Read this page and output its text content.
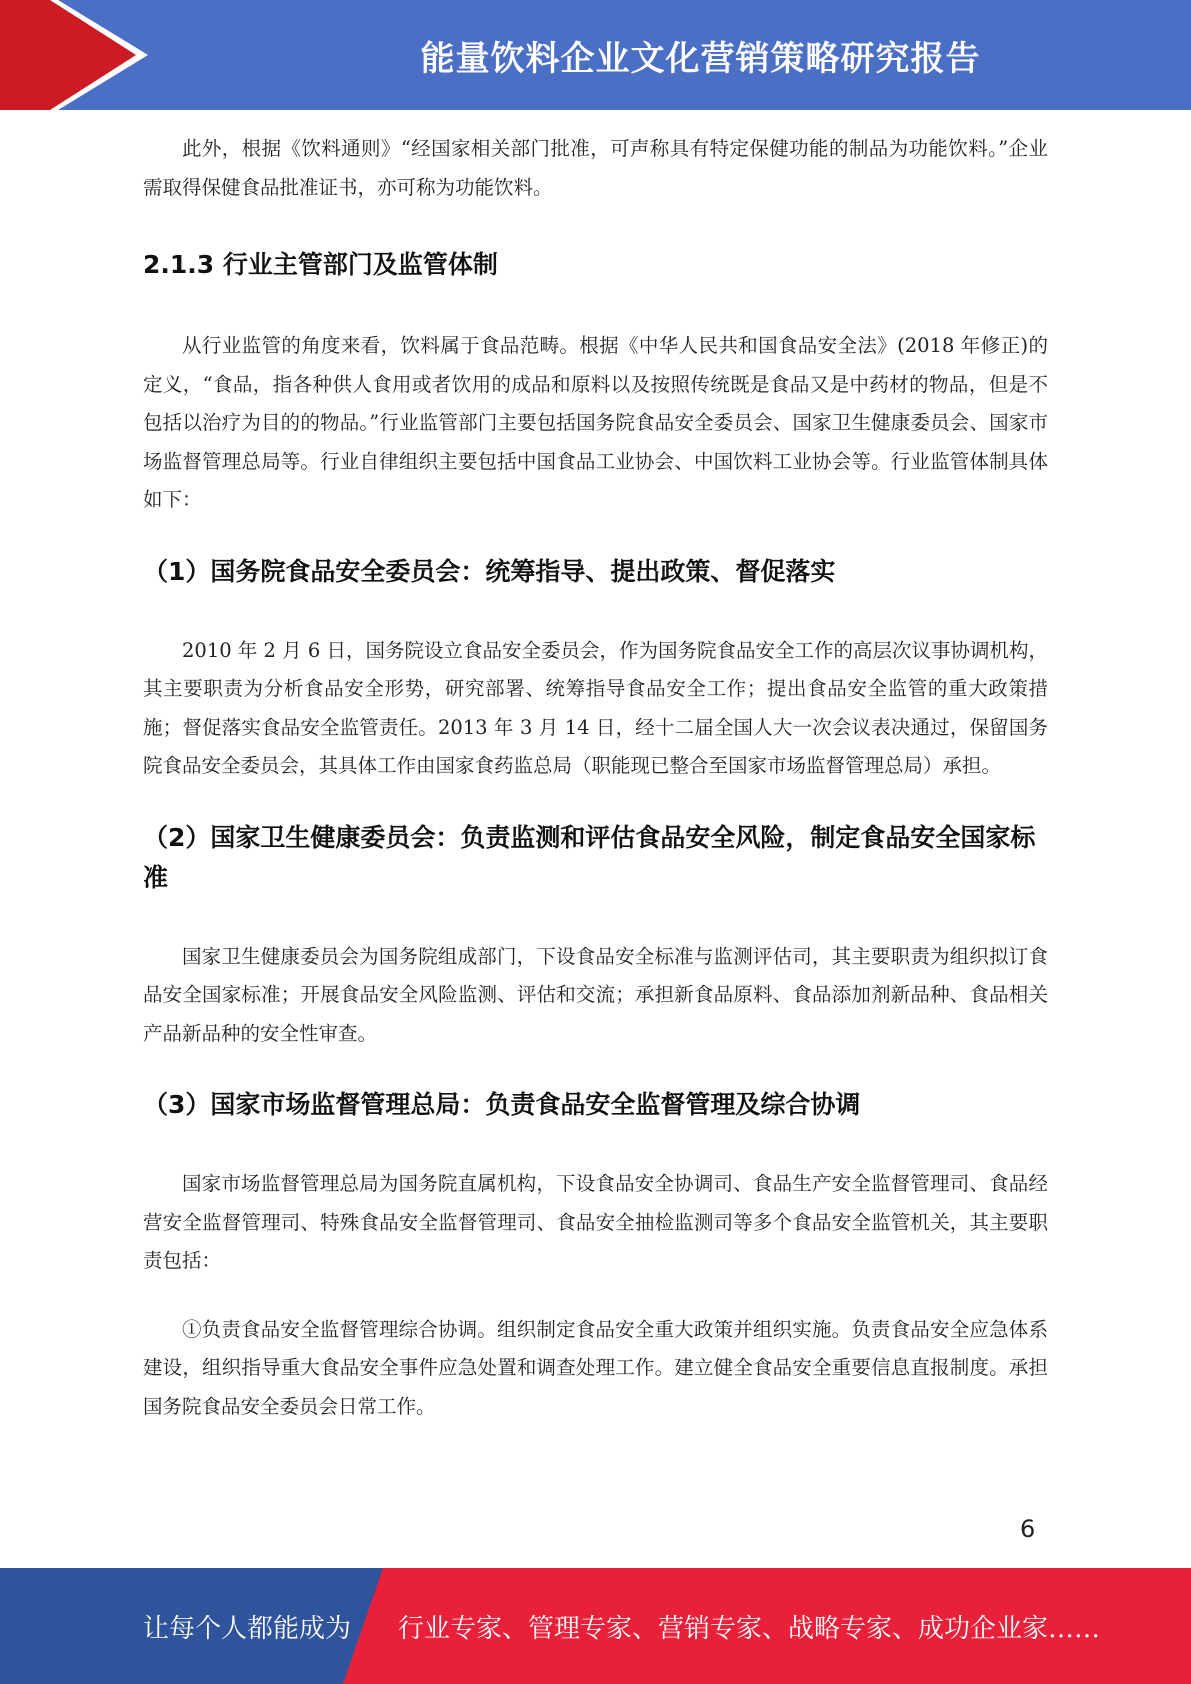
能量饮料企业文化营销策略研究报告

此外，根据《饮料通则》“经国家相关部门批准，可声称具有特定保健功能的制品为功能饮料。”企业需取得保健食品批准证书，亦可称为功能饮料。

2.1.3 行业主管部门及监管体制

从行业监管的角度来看，饮料属于食品范畴。根据《中华人民共和国食品安全法》(2018 年修正)的定义，“食品，指各种供人食用或者饮用的成品和原料以及按照传统既是食品又是中药材的物品，但是不包括以治疗为目的的物品。”行业监管部门主要包括国务院食品安全委员会、国家卫生健康委员会、国家市场监督管理总局等。行业自律组织主要包括中国食品工业协会、中国饮料工业协会等。行业监管体制具体如下：

（1）国务院食品安全委员会：统筹指导、提出政策、督促落实

2010 年 2 月 6 日，国务院设立食品安全委员会，作为国务院食品安全工作的高层次议事协调机构，其主要职责为分析食品安全形势，研究部署、统筹指导食品安全工作；提出食品安全监管的重大政策措施；督促落实食品安全监管责任。2013 年 3 月 14 日，经十二届全国人大一次会议表决通过，保留国务院食品安全委员会，其具体工作由国家食药监总局（职能现已整合至国家市场监督管理总局）承担。

（2）国家卫生健康委员会：负责监测和评估食品安全风险，制定食品安全国家标准

国家卫生健康委员会为国务院组成部门，下设食品安全标准与监测评估司，其主要职责为组织拟订食品安全国家标准；开展食品安全风险监测、评估和交流；承担新食品原料、食品添加剂新品种、食品相关产品新品种的安全性审查。

（3）国家市场监督管理总局：负责食品安全监督管理及综合协调

国家市场监督管理总局为国务院直属机构，下设食品安全协调司、食品生产安全监督管理司、食品经营安全监督管理司、特殊食品安全监督管理司、食品安全抽检监测司等多个食品安全监管机关，其主要职责包括：

①负责食品安全监督管理综合协调。组织制定食品安全重大政策并组织实施。负责食品安全应急体系建设，组织指导重大食品安全事件应急处置和调查处理工作。建立健全食品安全重要信息直报制度。承担国务院食品安全委员会日常工作。

6
让每个人都能成为 行业专家、管理专家、营销专家、战略专家、成功企业家……
